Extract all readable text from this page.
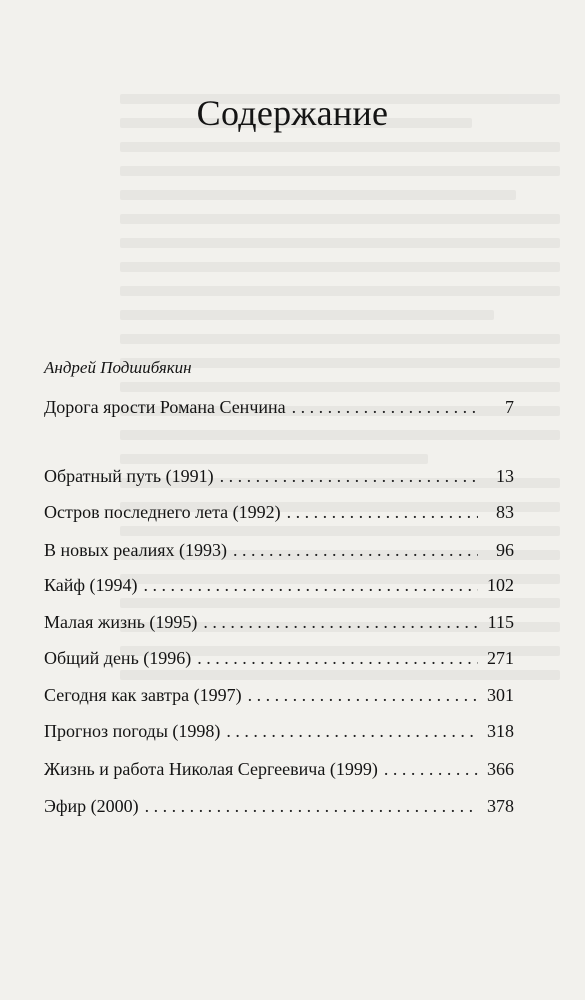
Содержание
Андрей Подшибякин
Дорога ярости Романа Сенчина . . .	7
Обратный путь (1991) . . .	13
Остров последнего лета (1992) . . .	83
В новых реалиях (1993) . . .	96
Кайф (1994) . . .	102
Малая жизнь (1995) . . .	115
Общий день (1996) . . .	271
Сегодня как завтра (1997) . . .	301
Прогноз погоды (1998) . . .	318
Жизнь и работа Николая Сергеевича (1999) . . .	366
Эфир (2000) . . .	378
